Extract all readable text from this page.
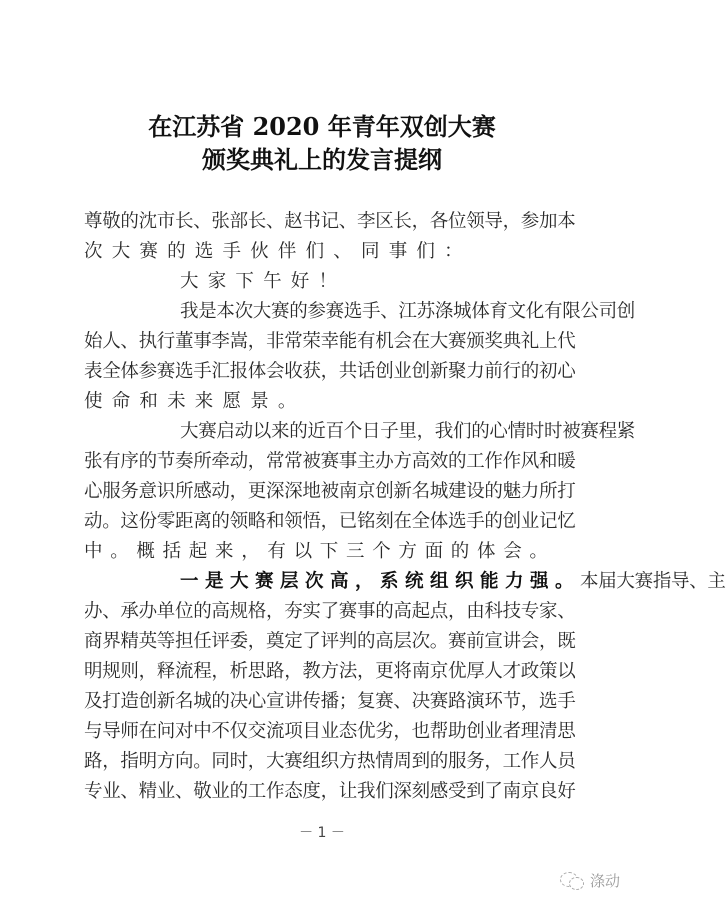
在江苏省 2020 年青年双创大赛
颁奖典礼上的发言提纲
尊敬的沈市长、张部长、赵书记、李区长，各位领导，参加本
次大赛的选手伙伴们、同事们：
大家下午好！
我是本次大赛的参赛选手、江苏涤城体育文化有限公司创
始人、执行董事李嵩，非常荣幸能有机会在大赛颁奖典礼上代
表全体参赛选手汇报体会收获，共话创业创新聚力前行的初心
使命和未来愿景。
大赛启动以来的近百个日子里，我们的心情时时被赛程紧
张有序的节奏所牵动，常常被赛事主办方高效的工作作风和暖
心服务意识所感动，更深深地被南京创新名城建设的魅力所打
动。这份零距离的领略和领悟，已铭刻在全体选手的创业记忆
中。概括起来，有以下三个方面的体会。
一是大赛层次高，系统组织能力强。本届大赛指导、主
办、承办单位的高规格，夯实了赛事的高起点，由科技专家、
商界精英等担任评委，奠定了评判的高层次。赛前宣讲会，既
明规则，释流程，析思路，教方法，更将南京优厚人才政策以
及打造创新名城的决心宣讲传播；复赛、决赛路演环节，选手
与导师在问对中不仅交流项目业态优劣，也帮助创业者理清思
路，指明方向。同时，大赛组织方热情周到的服务，工作人员
专业、精业、敬业的工作态度，让我们深刻感受到了南京良好
－ 1 －
涤动
